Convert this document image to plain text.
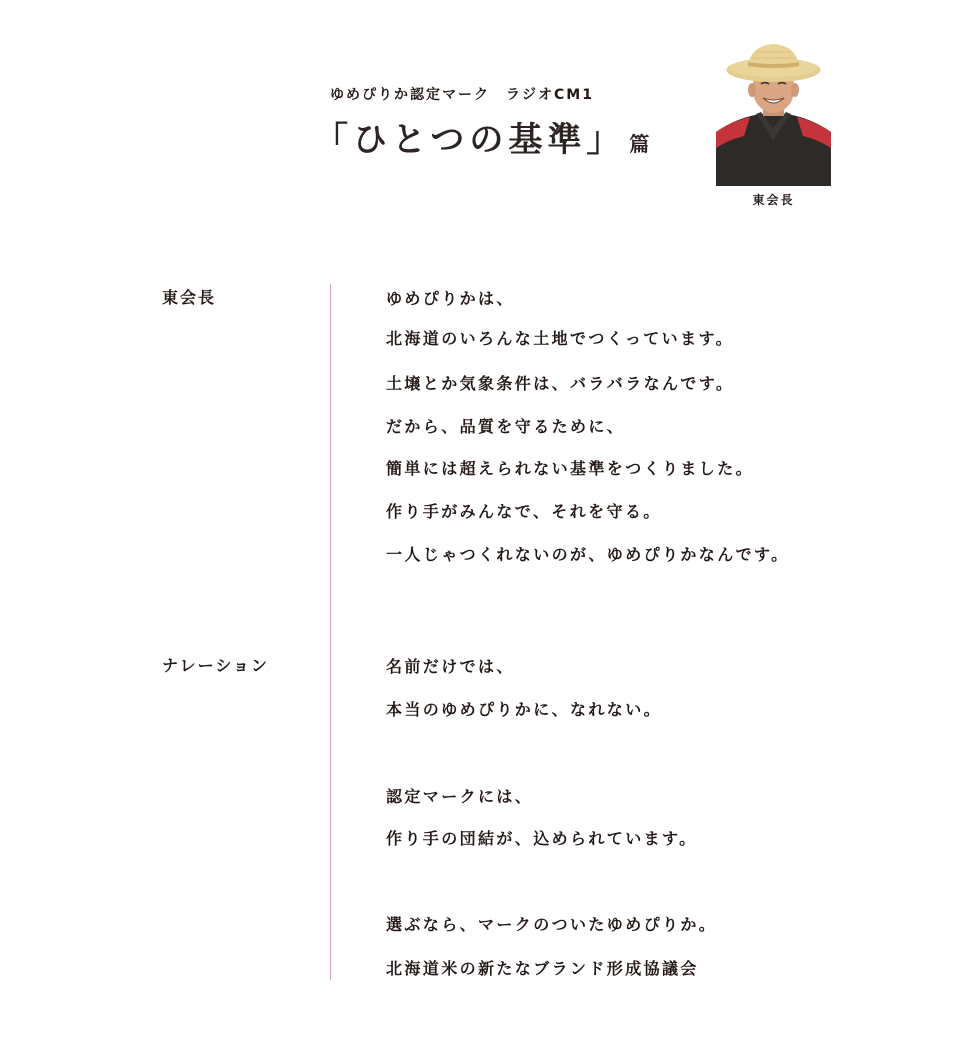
ゆめぴりか認定マーク　ラジオCM1
「ひとつの基準」 篇
東会長
東会長	ゆめぴりかは、
北海道のいろんな土地でつくっています。
土壌とか気象条件は、バラバラなんです。
だから、品質を守るために、
簡単には超えられない基準をつくりました。
作り手がみんなで、それを守る。
一人じゃつくれないのが、ゆめぴりかなんです。
ナレーション	名前だけでは、
本当のゆめぴりかに、なれない。
認定マークには、
作り手の団結が、込められています。
選ぶなら、マークのついたゆめぴりか。
北海道米の新たなブランド形成協議会
